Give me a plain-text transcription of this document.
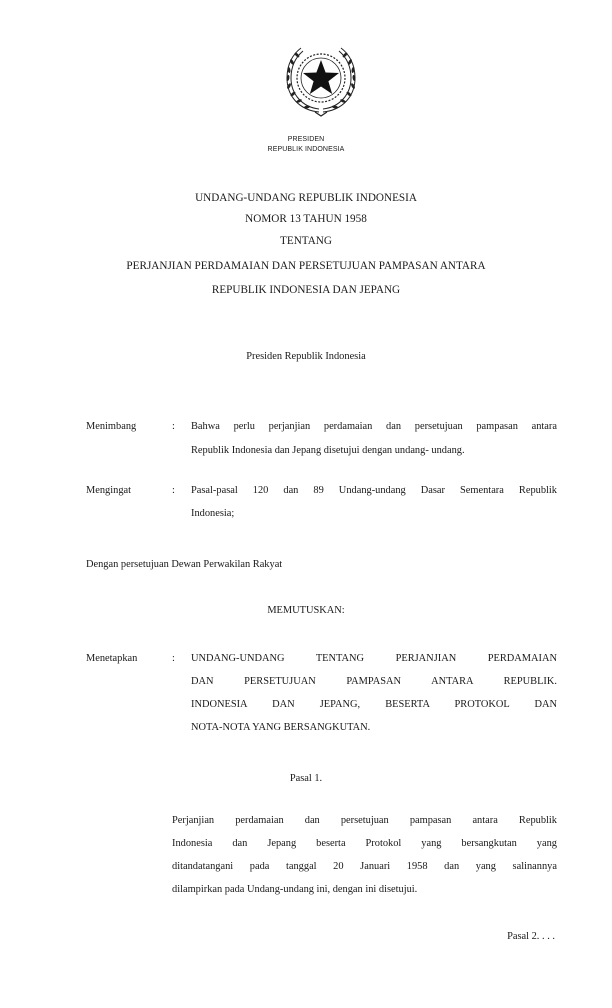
PRESIDEN
REPUBLIK INDONESIA
UNDANG-UNDANG REPUBLIK INDONESIA
NOMOR 13 TAHUN 1958
TENTANG
PERJANJIAN PERDAMAIAN DAN PERSETUJUAN PAMPASAN ANTARA
REPUBLIK INDONESIA DAN JEPANG
Presiden Republik Indonesia
Menimbang	: Bahwa perlu perjanjian perdamaian dan persetujuan pampasan antara
Republik Indonesia dan Jepang disetujui dengan undang- undang.
Mengingat	: Pasal-pasal 120 dan 89 Undang-undang Dasar Sementara Republik
Indonesia;
Dengan persetujuan Dewan Perwakilan Rakyat
MEMUTUSKAN:
Menetapkan	: UNDANG-UNDANG TENTANG PERJANJIAN PERDAMAIAN
DAN PERSETUJUAN PAMPASAN ANTARA REPUBLIK.
INDONESIA DAN JEPANG, BESERTA PROTOKOL DAN
NOTA-NOTA YANG BERSANGKUTAN.
Pasal 1.
Perjanjian perdamaian dan persetujuan pampasan antara Republik
Indonesia dan Jepang beserta Protokol yang bersangkutan yang
ditandatangani pada tanggal 20 Januari 1958 dan yang salinannya
dilampirkan pada Undang-undang ini, dengan ini disetujui.
Pasal 2. . . .
